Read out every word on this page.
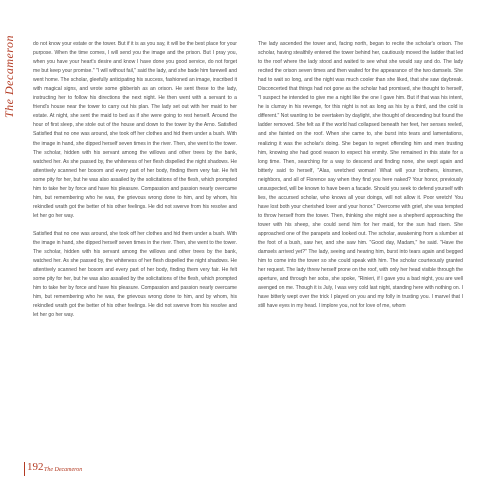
The Decameron	do not know your estate or the tower. But if it is as you say, it will be the best place for your purpose. When the time comes, I will send you the image and the prison. But I pray you, when you have your heart's desire and know I have done you good service, do not forget me but keep your promise." "I will without fail," said the lady, and she bade him farewell and went home. The scholar, gleefully anticipating his success, fashioned an image, inscribed it with magical signs, and wrote some gibberish as an orison. He sent these to the lady, instructing her to follow his directions the next night. He then went with a servant to a friend's house near the tower to carry out his plan. The lady set out with her maid to her estate. At night, she sent the maid to bed as if she were going to rest herself. Around the hour of first sleep, she stole out of the house and down to the tower by the Arno. Satisfied Satisfied that no one was around, she took off her clothes and hid them under a bush. With the image in hand, she dipped herself seven times in the river. Then, she went to the tower. The scholar, hidden with his servant among the willows and other trees by the bank, watched her. As she passed by, the whiteness of her flesh dispelled the night shadows. He attentively scanned her bosom and every part of her body, finding them very fair. He felt some pity for her, but he was also assailed by the solicitations of the flesh, which prompted him to take her by force and have his pleasure. Compassion and passion nearly overcame him, but remembering who he was, the grievous wrong done to him, and by whom, his rekindled wrath got the better of his other feelings. He did not swerve from his resolve and let her go her way.

Satisfied that no one was around, she took off her clothes and hid them under a bush. With the image in hand, she dipped herself seven times in the river. Then, she went to the tower. The scholar, hidden with his servant among the willows and other trees by the bank, watched her. As she passed by, the whiteness of her flesh dispelled the night shadows. He attentively scanned her bosom and every part of her body, finding them very fair. He felt some pity for her, but he was also assailed by the solicitations of the flesh, which prompted him to take her by force and have his pleasure. Compassion and passion nearly overcame him, but remembering who he was, the grievous wrong done to him, and by whom, his rekindled wrath got the better of his other feelings. He did not swerve from his resolve and let her go her way.

The lady ascended the tower and, facing north, began to recite the scholar's orison. The scholar, having stealthily entered the tower behind her, cautiously moved the ladder that led to the roof where the lady stood and waited to see what she would say and do. The lady recited the orison seven times and then waited for the appearance of the two damsels. She had to wait so long, and the night was much cooler than she liked, that she saw daybreak. Disconcerted that things had not gone as the scholar had promised, she thought to herself, "I suspect he intended to give me a night like the one I gave him. But if that was his intent, he is clumsy in his revenge, for this night is not as long as his by a third, and the cold is different." Not wanting to be overtaken by daylight, she thought of descending but found the ladder removed. She felt as if the world had collapsed beneath her feet, her senses reeled, and she fainted on the roof. When she came to, she burst into tears and lamentations, realizing it was the scholar's doing. She began to regret offending him and men trusting him, knowing she had good reason to expect his enmity. She remained in this state for a long time. Then, searching for a way to descend and finding none, she wept again and bitterly said to herself, "Alas, wretched woman! What will your brothers, kinsmen, neighbors, and all of Florence say when they find you here naked? Your honor, previously unsuspected, will be known to have been a facade. Should you seek to defend yourself with lies, the accursed scholar, who knows all your doings, will not allow it. Poor wretch! You have lost both your cherished lover and your honor." Overcome with grief, she was tempted to throw herself from the tower. Then, thinking she might see a shepherd approaching the tower with his sheep, she could send him for her maid, for the sun had risen. She approached one of the parapets and looked out. The scholar, awakening from a slumber at the foot of a bush, saw her, and she saw him. "Good day, Madam," he said. "Have the damsels arrived yet?" The lady, seeing and hearing him, burst into tears again and begged him to come into the tower so she could speak with him. The scholar courteously granted her request. The lady threw herself prone on the roof, with only her head visible through the aperture, and through her sobs, she spoke, "Rinieri, if I gave you a bad night, you are well avenged on me. Though it is July, I was very cold last night, standing here with nothing on. I have bitterly wept over the trick I played on you and my folly in trusting you. I marvel that I still have eyes in my head. I implore you, not for love of me, whom

192 The Decameron
